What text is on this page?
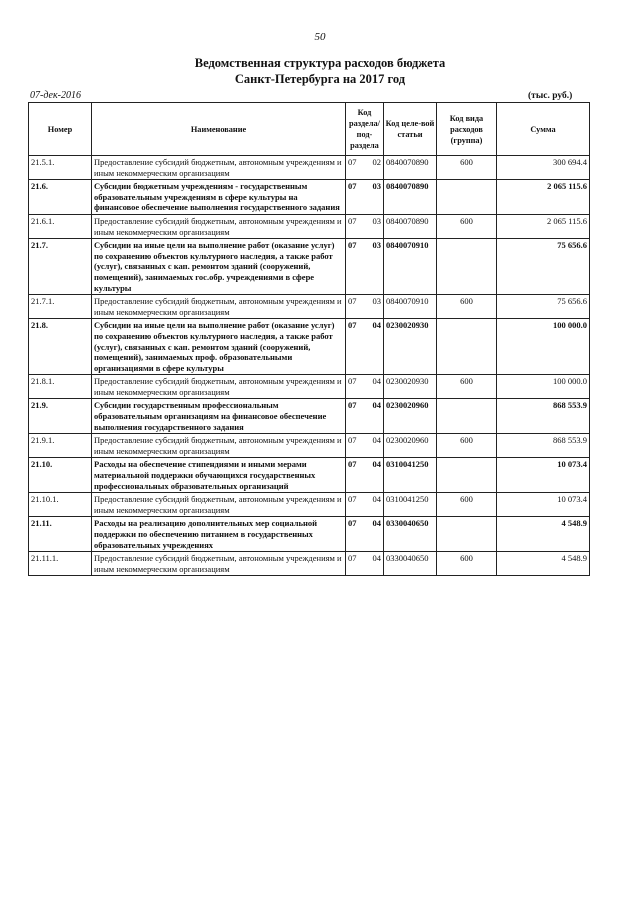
50
Ведомственная структура расходов бюджета
Санкт-Петербурга на 2017 год
07-дек-2016	(тыс. руб.)
Номер	Наименование	Код раздела/ под-раздела	Код целе-вой статьи	Код вида расходов (группа)	Сумма
21.5.1.	Предоставление субсидий бюджетным, автономным учреждениям и иным некоммерческим организациям	07 02	0840070890	600	300 694.4
21.6.	Субсидии бюджетным учреждениям - государственным образовательным учреждениям в сфере культуры на финансовое обеспечение выполнения государственного задания	07 03	0840070890		2 065 115.6
21.6.1.	Предоставление субсидий бюджетным, автономным учреждениям и иным некоммерческим организациям	07 03	0840070890	600	2 065 115.6
21.7.	Субсидии на иные цели на выполнение работ (оказание услуг) по сохранению объектов культурного наследия, а также работ (услуг), связанных с кап. ремонтом зданий (сооружений, помещений), занимаемых гос.обр. учреждениями в сфере культуры	07 03	0840070910		75 656.6
21.7.1.	Предоставление субсидий бюджетным, автономным учреждениям и иным некоммерческим организациям	07 03	0840070910	600	75 656.6
21.8.	Субсидии на иные цели на выполнение работ (оказание услуг) по сохранению объектов культурного наследия, а также работ (услуг), связанных с кап. ремонтом зданий (сооружений, помещений), занимаемых проф. образовательными организациями в сфере культуры	07 04	0230020930		100 000.0
21.8.1.	Предоставление субсидий бюджетным, автономным учреждениям и иным некоммерческим организациям	07 04	0230020930	600	100 000.0
21.9.	Субсидии государственным профессиональным образовательным организациям на финансовое обеспечение выполнения государственного задания	07 04	0230020960		868 553.9
21.9.1.	Предоставление субсидий бюджетным, автономным учреждениям и иным некоммерческим организациям	07 04	0230020960	600	868 553.9
21.10.	Расходы на обеспечение стипендиями и иными мерами материальной поддержки обучающихся государственных профессиональных образовательных организаций	07 04	0310041250		10 073.4
21.10.1.	Предоставление субсидий бюджетным, автономным учреждениям и иным некоммерческим организациям	07 04	0310041250	600	10 073.4
21.11.	Расходы на реализацию дополнительных мер социальной поддержки по обеспечению питанием в государственных образовательных учреждениях	07 04	0330040650		4 548.9
21.11.1.	Предоставление субсидий бюджетным, автономным учреждениям и иным некоммерческим организациям	07 04	0330040650	600	4 548.9
